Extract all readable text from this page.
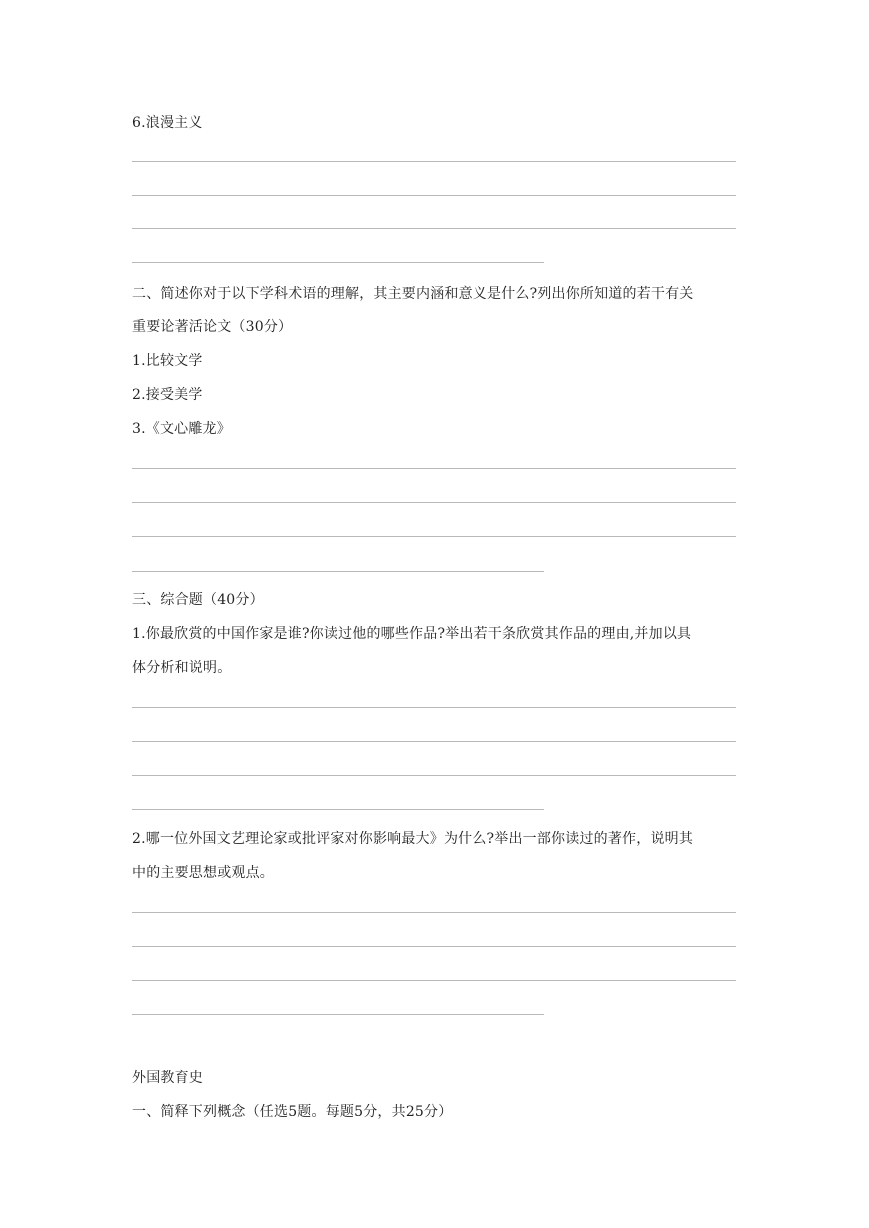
6.浪漫主义
二、简述你对于以下学科术语的理解，其主要内涵和意义是什么?列出你所知道的若干有关
重要论著活论文（30分）
1.比较文学
2.接受美学
3.《文心雕龙》
三、综合题（40分）
1.你最欣赏的中国作家是谁?你读过他的哪些作品?举出若干条欣赏其作品的理由,并加以具
体分析和说明。
2.哪一位外国文艺理论家或批评家对你影响最大》为什么?举出一部你读过的著作，说明其
中的主要思想或观点。
外国教育史
一、简释下列概念（任选5题。每题5分，共25分）
